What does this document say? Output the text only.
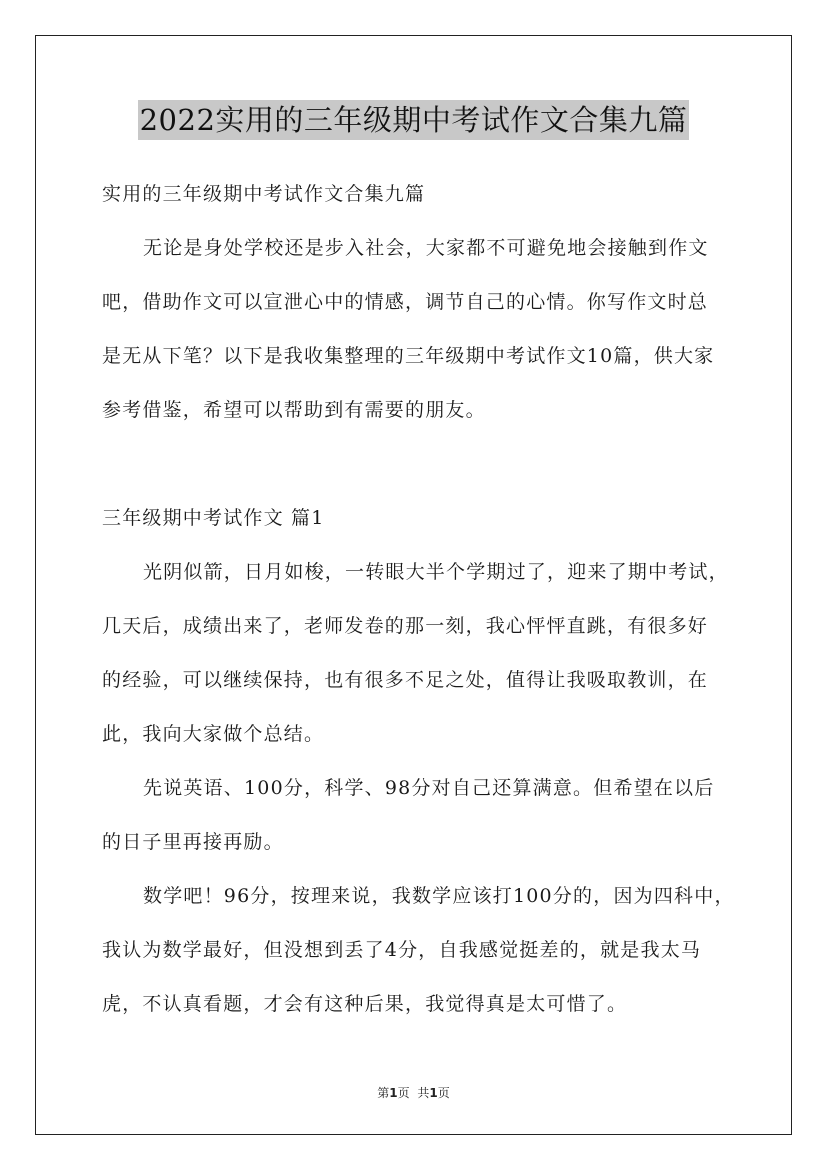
2022实用的三年级期中考试作文合集九篇
实用的三年级期中考试作文合集九篇
无论是身处学校还是步入社会，大家都不可避免地会接触到作文
吧，借助作文可以宣泄心中的情感，调节自己的心情。你写作文时总
是无从下笔？以下是我收集整理的三年级期中考试作文10篇，供大家
参考借鉴，希望可以帮助到有需要的朋友。
三年级期中考试作文 篇1
光阴似箭，日月如梭，一转眼大半个学期过了，迎来了期中考试，
几天后，成绩出来了，老师发卷的那一刻，我心怦怦直跳，有很多好
的经验，可以继续保持，也有很多不足之处，值得让我吸取教训，在
此，我向大家做个总结。
先说英语、100分，科学、98分对自己还算满意。但希望在以后
的日子里再接再励。
数学吧！96分，按理来说，我数学应该打100分的，因为四科中，
我认为数学最好，但没想到丢了4分，自我感觉挺差的，就是我太马
虎，不认真看题，才会有这种后果，我觉得真是太可惜了。
第1页 共1页
